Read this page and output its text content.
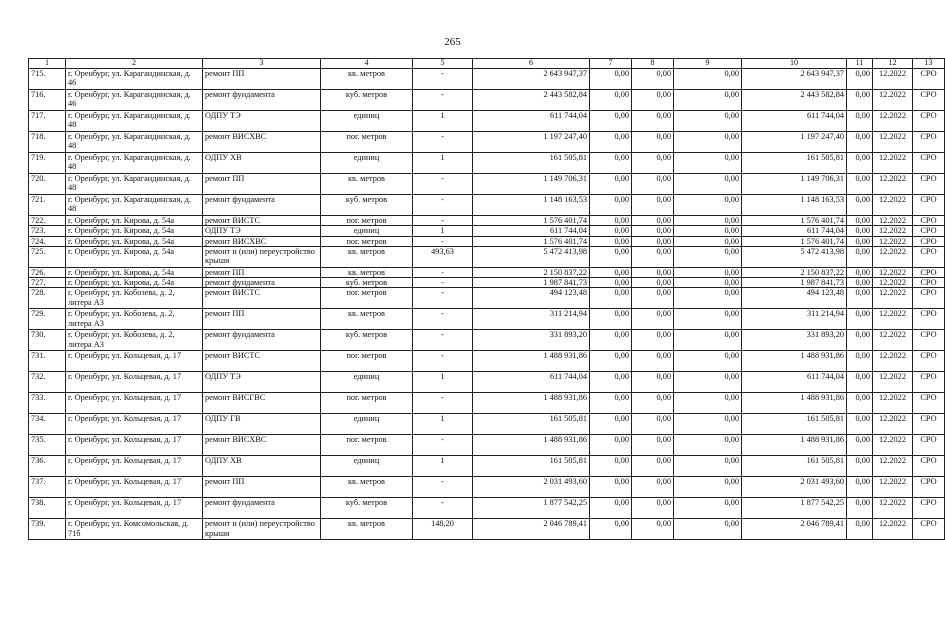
265
1	2	3	4	5	6	7	8	9	10	11	12	13
715.	г. Оренбург, ул. Карагандинская, д. 46	ремонт ПП	кв. метров	-	2 643 947,37	0,00	0,00	0,00	2 643 947,37	0,00	12.2022	СРО
716.	г. Оренбург, ул. Карагандинская, д. 46	ремонт фундамента	куб. метров	-	2 443 582,84	0,00	0,00	0,00	2 443 582,84	0,00	12.2022	СРО
717.	г. Оренбург, ул. Карагандинская, д. 48	ОДПУ ТЭ	единиц	1	611 744,04	0,00	0,00	0,00	611 744,04	0,00	12.2022	СРО
718.	г. Оренбург, ул. Карагандинская, д. 48	ремонт ВИСХВС	пог. метров	-	1 197 247,40	0,00	0,00	0,00	1 197 247,40	0,00	12.2022	СРО
719.	г. Оренбург, ул. Карагандинская, д. 48	ОДПУ ХВ	единиц	1	161 505,81	0,00	0,00	0,00	161 505,81	0,00	12.2022	СРО
720.	г. Оренбург, ул. Карагандинская, д. 48	ремонт ПП	кв. метров	-	1 149 706,31	0,00	0,00	0,00	1 149 706,31	0,00	12.2022	СРО
721.	г. Оренбург, ул. Карагандинская, д. 48	ремонт фундамента	куб. метров	-	1 148 163,53	0,00	0,00	0,00	1 148 163,53	0,00	12.2022	СРО
722.	г. Оренбург, ул. Кирова, д. 54а	ремонт ВИСТС	пог. метров	-	1 576 401,74	0,00	0,00	0,00	1 576 401,74	0,00	12.2022	СРО
723.	г. Оренбург, ул. Кирова, д. 54а	ОДПУ ТЭ	единиц	1	611 744,04	0,00	0,00	0,00	611 744,04	0,00	12.2022	СРО
724.	г. Оренбург, ул. Кирова, д. 54а	ремонт ВИСХВС	пог. метров	-	1 576 401,74	0,00	0,00	0,00	1 576 401,74	0,00	12.2022	СРО
725.	г. Оренбург, ул. Кирова, д. 54а	ремонт и (или) переустройство крыши	кв. метров	493,63	5 472 413,98	0,00	0,00	0,00	5 472 413,98	0,00	12.2022	СРО
726.	г. Оренбург, ул. Кирова, д. 54а	ремонт ПП	кв. метров	-	2 150 837,22	0,00	0,00	0,00	2 150 837,22	0,00	12.2022	СРО
727.	г. Оренбург, ул. Кирова, д. 54а	ремонт фундамента	куб. метров	-	1 987 841,73	0,00	0,00	0,00	1 987 841,73	0,00	12.2022	СРО
728.	г. Оренбург, ул. Кобозева, д. 2, литера А3	ремонт ВИСТС	пог. метров	-	494 123,48	0,00	0,00	0,00	494 123,48	0,00	12.2022	СРО
729.	г. Оренбург, ул. Кобозева, д. 2, литера А3	ремонт ПП	кв. метров	-	311 214,94	0,00	0,00	0,00	311 214,94	0,00	12.2022	СРО
730.	г. Оренбург, ул. Кобозева, д. 2, литера А3	ремонт фундамента	куб. метров	-	331 893,20	0,00	0,00	0,00	331 893,20	0,00	12.2022	СРО
731.	г. Оренбург, ул. Кольцевая, д. 17	ремонт ВИСТС	пог. метров	-	1 488 931,86	0,00	0,00	0,00	1 488 931,86	0,00	12.2022	СРО
732.	г. Оренбург, ул. Кольцевая, д. 17	ОДПУ ТЭ	единиц	1	611 744,04	0,00	0,00	0,00	611 744,04	0,00	12.2022	СРО
733.	г. Оренбург, ул. Кольцевая, д. 17	ремонт ВИСГВС	пог. метров	-	1 488 931,86	0,00	0,00	0,00	1 488 931,86	0,00	12.2022	СРО
734.	г. Оренбург, ул. Кольцевая, д. 17	ОДПУ ГВ	единиц	1	161 505,81	0,00	0,00	0,00	161 505,81	0,00	12.2022	СРО
735.	г. Оренбург, ул. Кольцевая, д. 17	ремонт ВИСХВС	пог. метров	-	1 488 931,86	0,00	0,00	0,00	1 488 931,86	0,00	12.2022	СРО
736.	г. Оренбург, ул. Кольцевая, д. 17	ОДПУ ХВ	единиц	1	161 505,81	0,00	0,00	0,00	161 505,81	0,00	12.2022	СРО
737.	г. Оренбург, ул. Кольцевая, д. 17	ремонт ПП	кв. метров	-	2 031 493,60	0,00	0,00	0,00	2 031 493,60	0,00	12.2022	СРО
738.	г. Оренбург, ул. Кольцевая, д. 17	ремонт фундамента	куб. метров	-	1 877 542,25	0,00	0,00	0,00	1 877 542,25	0,00	12.2022	СРО
739.	г. Оренбург, ул. Комсомольская, д. 71б	ремонт и (или) переустройство крыши	кв. метров	148,20	2 046 789,41	0,00	0,00	0,00	2 046 789,41	0,00	12.2022	СРО
